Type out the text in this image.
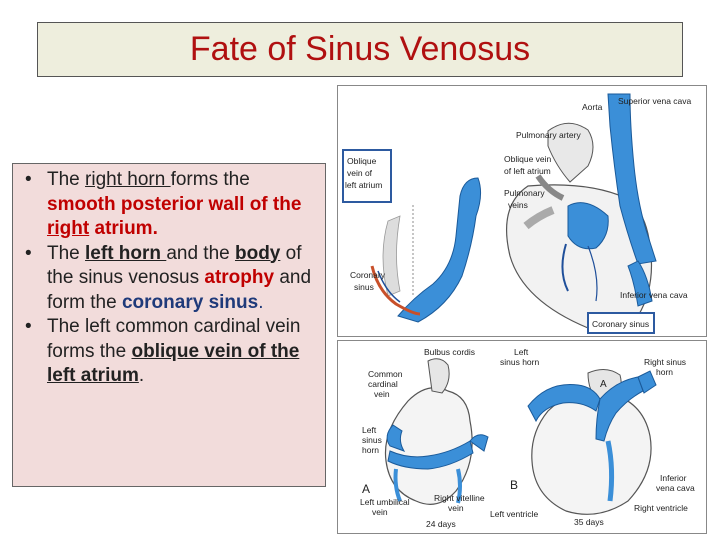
Fate of Sinus Venosus
• The right horn forms the smooth posterior wall of the right atrium.
• The left horn and the body of the sinus venosus atrophy and form the coronary sinus.
• The left common cardinal vein forms the oblique vein of the left atrium.
Oblique
vein of
left atrium
Coronary
sinus
Aorta
Superior vena cava
Pulmonary artery
Oblique vein
of left atrium
Pulmonary
veins
Inferior vena cava
Coronary sinus
Bulbus cordis
Common
cardinal
vein
Left
sinus horn	Right sinus
horn
Left
sinus
horn
A	B
A
Left umbilical
vein
Right vitelline
vein
24 days	35 days
Left ventricle
Right ventricle
Inferior
vena cava
